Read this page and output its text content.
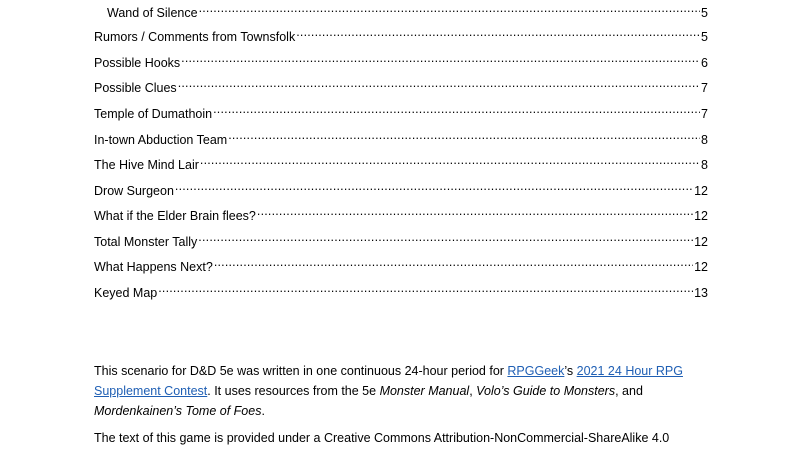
Wand of Silence .....	5
Rumors / Comments from Townsfolk .....	5
Possible Hooks .....	6
Possible Clues .....	7
Temple of Dumathoin .....	7
In-town Abduction Team .....	8
The Hive Mind Lair .....	8
Drow Surgeon .....	12
What if the Elder Brain flees? .....	12
Total Monster Tally .....	12
What Happens Next? .....	12
Keyed Map .....	13
This scenario for D&D 5e was written in one continuous 24-hour period for RPGGeek’s 2021 24 Hour RPG Supplement Contest. It uses resources from the 5e Monster Manual, Volo’s Guide to Monsters, and Mordenkainen’s Tome of Foes.
The text of this game is provided under a Creative Commons Attribution-NonCommercial-ShareAlike 4.0
